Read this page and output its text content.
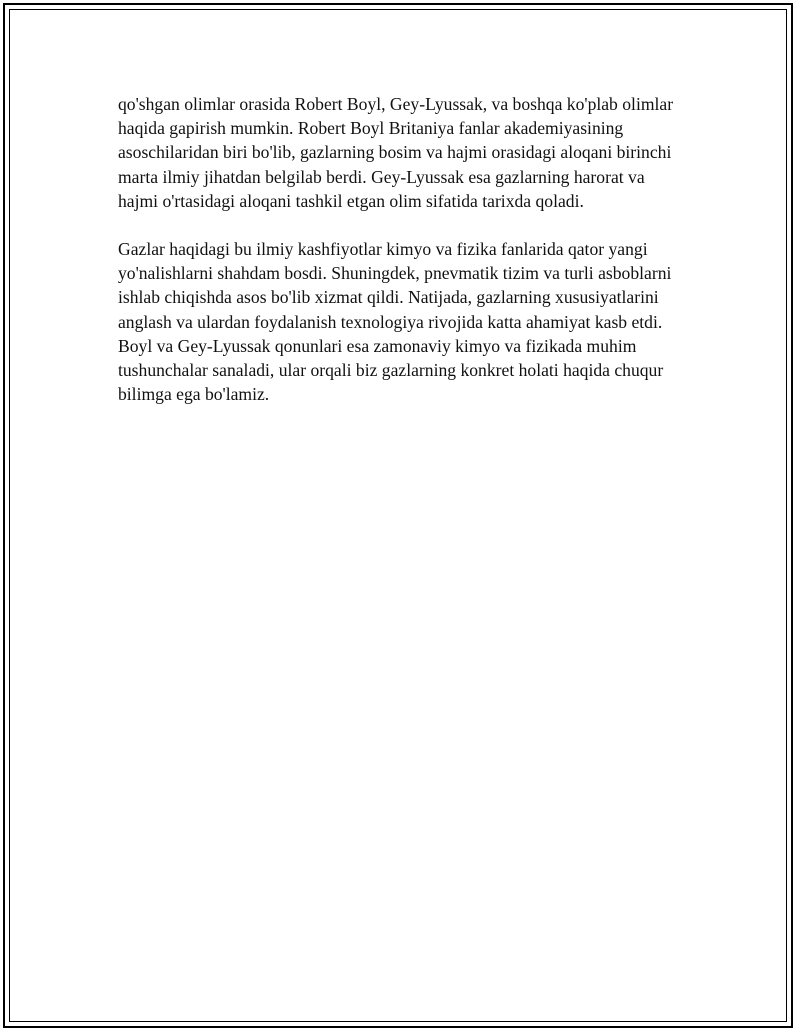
qo'shgan olimlar orasida Robert Boyl, Gey-Lyussak, va boshqa ko'plab olimlar haqida gapirish mumkin. Robert Boyl Britaniya fanlar akademiyasining asoschilaridan biri bo'lib, gazlarning bosim va hajmi orasidagi aloqani birinchi marta ilmiy jihatdan belgilab berdi. Gey-Lyussak esa gazlarning harorat va hajmi o'rtasidagi aloqani tashkil etgan olim sifatida tarixda qoladi.

Gazlar haqidagi bu ilmiy kashfiyotlar kimyo va fizika fanlarida qator yangi yo'nalishlarni shahdam bosdi. Shuningdek, pnevmatik tizim va turli asboblarni ishlab chiqishda asos bo'lib xizmat qildi. Natijada, gazlarning xususiyatlarini anglash va ulardan foydalanish texnologiya rivojida katta ahamiyat kasb etdi. Boyl va Gey-Lyussak qonunlari esa zamonaviy kimyo va fizikada muhim tushunchalar sanaladi, ular orqali biz gazlarning konkret holati haqida chuqur bilimga ega bo'lamiz.
